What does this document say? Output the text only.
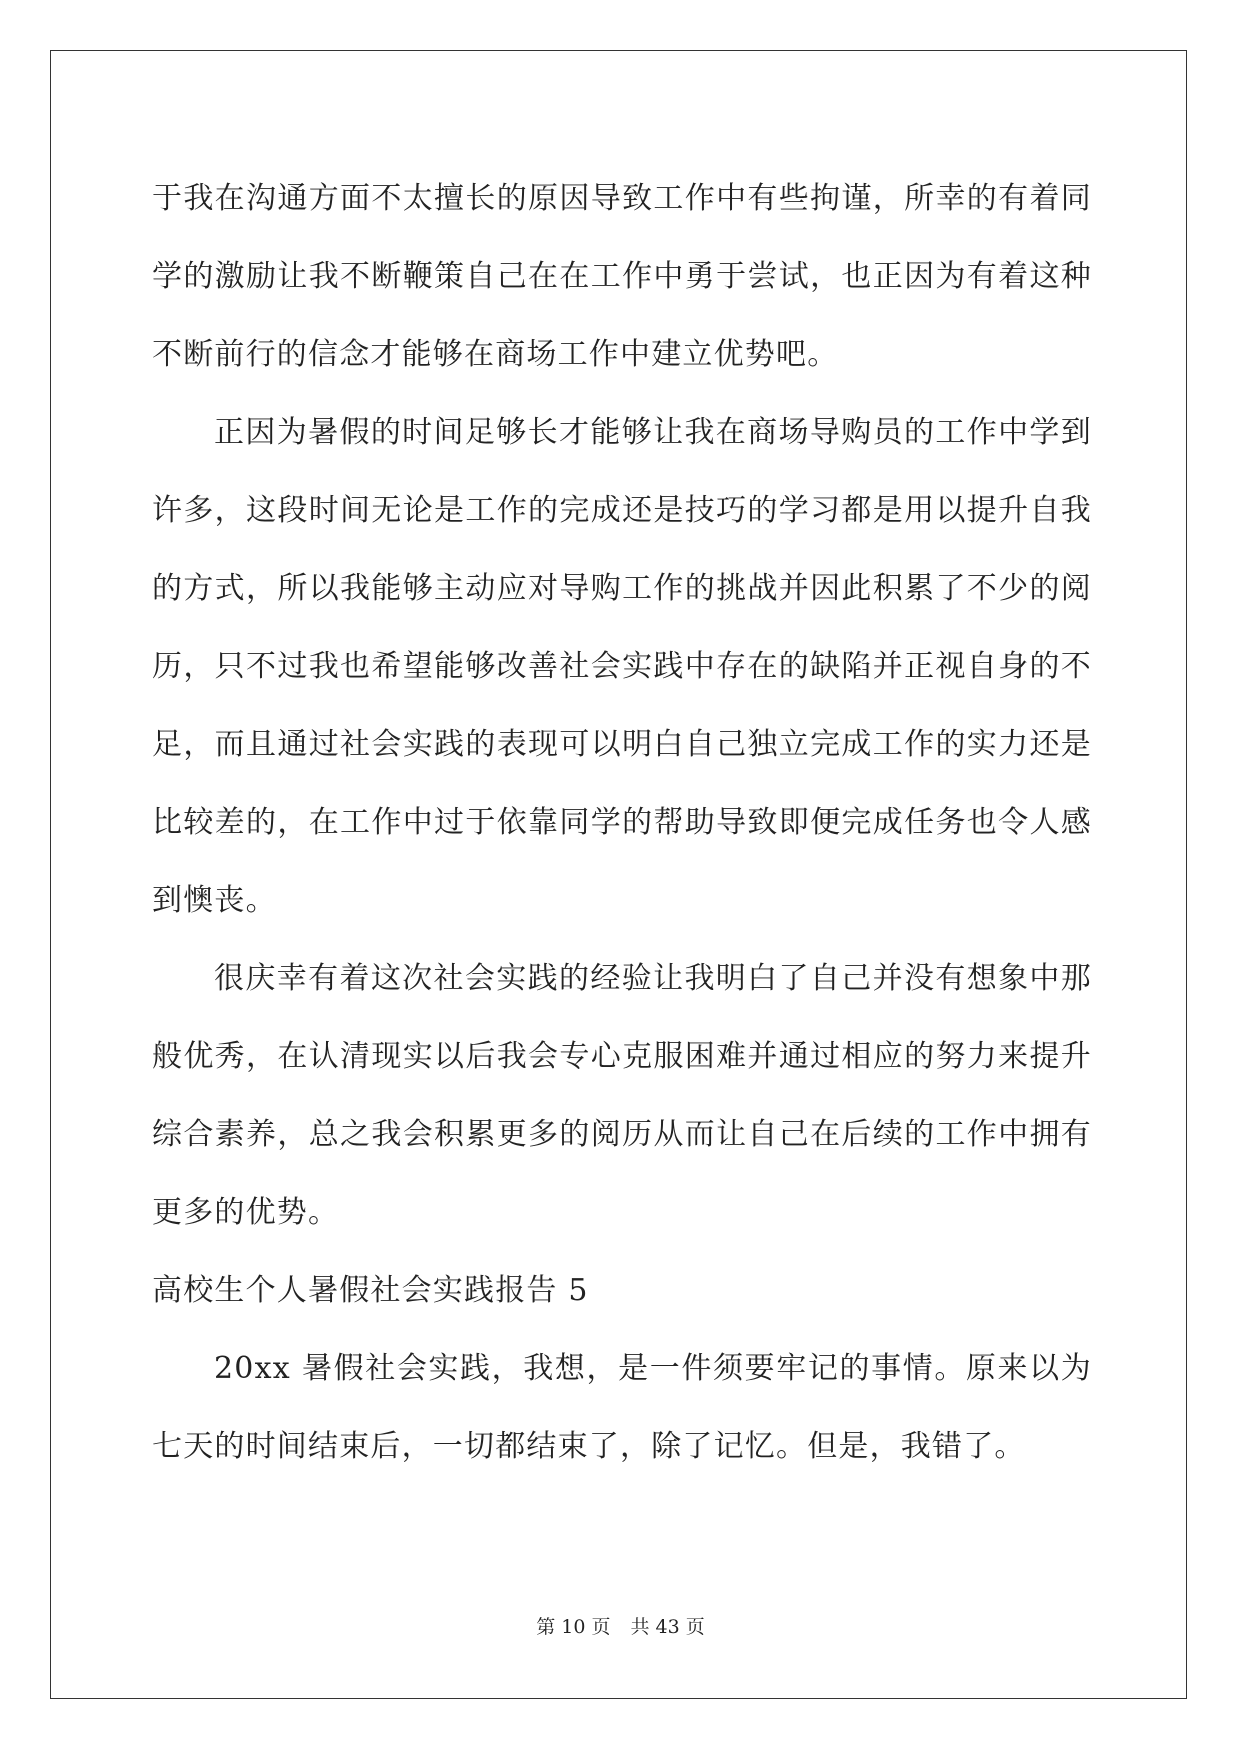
于我在沟通方面不太擅长的原因导致工作中有些拘谨，所幸的有着同学的激励让我不断鞭策自己在在工作中勇于尝试，也正因为有着这种不断前行的信念才能够在商场工作中建立优势吧。

正因为暑假的时间足够长才能够让我在商场导购员的工作中学到许多，这段时间无论是工作的完成还是技巧的学习都是用以提升自我的方式，所以我能够主动应对导购工作的挑战并因此积累了不少的阅历，只不过我也希望能够改善社会实践中存在的缺陷并正视自身的不足，而且通过社会实践的表现可以明白自己独立完成工作的实力还是比较差的，在工作中过于依靠同学的帮助导致即便完成任务也令人感到懊丧。

很庆幸有着这次社会实践的经验让我明白了自己并没有想象中那般优秀，在认清现实以后我会专心克服困难并通过相应的努力来提升综合素养，总之我会积累更多的阅历从而让自己在后续的工作中拥有更多的优势。

高校生个人暑假社会实践报告 5

20xx 暑假社会实践，我想，是一件须要牢记的事情。原来以为七天的时间结束后，一切都结束了，除了记忆。但是，我错了。

第 10 页 共 43 页
